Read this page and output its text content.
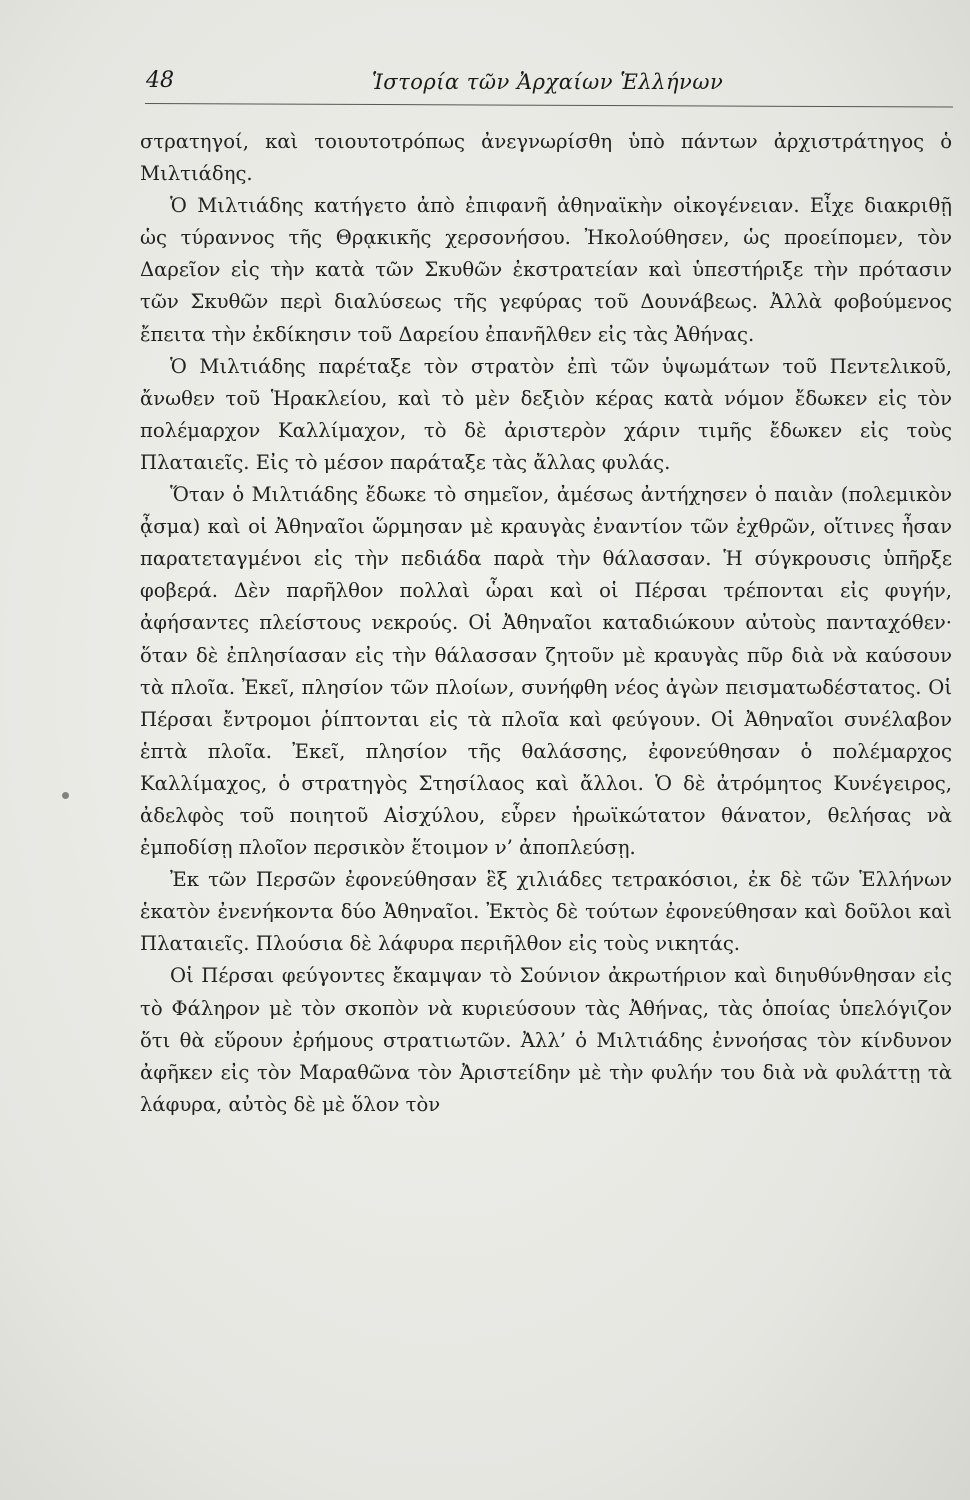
48	Ἱστορία τῶν Ἀρχαίων Ἑλλήνων

στρατηγοί, καὶ τοιουτοτρόπως ἀνεγνωρίσθη ὑπὸ πάντων ἀρχιστράτηγος ὁ Μιλτιάδης.

Ὁ Μιλτιάδης κατήγετο ἀπὸ ἐπιφανῆ ἀθηναϊκὴν οἰκογένειαν. Εἶχε διακριθῇ ὡς τύραννος τῆς Θρᾳκικῆς χερσονήσου. Ἠκολούθησεν, ὡς προείπομεν, τὸν Δαρεῖον εἰς τὴν κατὰ τῶν Σκυθῶν ἐκστρατείαν καὶ ὑπεστήριξε τὴν πρότασιν τῶν Σκυθῶν περὶ διαλύσεως τῆς γεφύρας τοῦ Δουνάβεως. Ἀλλὰ φοβούμενος ἔπειτα τὴν ἐκδίκησιν τοῦ Δαρείου ἐπανῆλθεν εἰς τὰς Ἀθήνας.

Ὁ Μιλτιάδης παρέταξε τὸν στρατὸν ἐπὶ τῶν ὑψωμάτων τοῦ Πεντελικοῦ, ἄνωθεν τοῦ Ἡρακλείου, καὶ τὸ μὲν δεξιὸν κέρας κατὰ νόμον ἔδωκεν εἰς τὸν πολέμαρχον Καλλίμαχον, τὸ δὲ ἀριστερὸν χάριν τιμῆς ἔδωκεν εἰς τοὺς Πλαταιεῖς. Εἰς τὸ μέσον παράταξε τὰς ἄλλας φυλάς.

Ὅταν ὁ Μιλτιάδης ἔδωκε τὸ σημεῖον, ἀμέσως ἀντήχησεν ὁ παιὰν (πολεμικὸν ᾆσμα) καὶ οἱ Ἀθηναῖοι ὥρμησαν μὲ κραυγὰς ἐναντίον τῶν ἐχθρῶν, οἵτινες ἦσαν παρατεταγμένοι εἰς τὴν πεδιάδα παρὰ τὴν θάλασσαν. Ἡ σύγκρουσις ὑπῆρξε φοβερά. Δὲν παρῆλθον πολλαὶ ὧραι καὶ οἱ Πέρσαι τρέπονται εἰς φυγήν, ἀφήσαντες πλείστους νεκρούς. Οἱ Ἀθηναῖοι καταδιώκουν αὐτοὺς πανταχόθεν· ὅταν δὲ ἐπλησίασαν εἰς τὴν θάλασσαν ζητοῦν μὲ κραυγὰς πῦρ διὰ νὰ καύσουν τὰ πλοῖα. Ἐκεῖ, πλησίον τῶν πλοίων, συνήφθη νέος ἀγὼν πεισματωδέστατος. Οἱ Πέρσαι ἔντρομοι ῥίπτονται εἰς τὰ πλοῖα καὶ φεύγουν. Οἱ Ἀθηναῖοι συνέλαβον ἑπτὰ πλοῖα. Ἐκεῖ, πλησίον τῆς θαλάσσης, ἐφονεύθησαν ὁ πολέμαρχος Καλλίμαχος, ὁ στρατηγὸς Στησίλαος καὶ ἄλλοι. Ὁ δὲ ἀτρόμητος Κυνέγειρος, ἀδελφὸς τοῦ ποιητοῦ Αἰσχύλου, εὗρεν ἡρωϊκώτατον θάνατον, θελήσας νὰ ἐμποδίσῃ πλοῖον περσικὸν ἕτοιμον ν’ ἀποπλεύσῃ.

Ἐκ τῶν Περσῶν ἐφονεύθησαν ἓξ χιλιάδες τετρακόσιοι, ἐκ δὲ τῶν Ἑλλήνων ἑκατὸν ἐνενήκοντα δύο Ἀθηναῖοι. Ἐκτὸς δὲ τούτων ἐφονεύθησαν καὶ δοῦλοι καὶ Πλαταιεῖς. Πλούσια δὲ λάφυρα περιῆλθον εἰς τοὺς νικητάς.

Οἱ Πέρσαι φεύγοντες ἔκαμψαν τὸ Σούνιον ἀκρωτήριον καὶ διηυθύνθησαν εἰς τὸ Φάληρον μὲ τὸν σκοπὸν νὰ κυριεύσουν τὰς Ἀθήνας, τὰς ὁποίας ὑπελόγιζον ὅτι θὰ εὕρουν ἐρήμους στρατιωτῶν. Ἀλλ’ ὁ Μιλτιάδης ἐννοήσας τὸν κίνδυνον ἀφῆκεν εἰς τὸν Μαραθῶνα τὸν Ἀριστείδην μὲ τὴν φυλήν του διὰ νὰ φυλάττῃ τὰ λάφυρα, αὐτὸς δὲ μὲ ὅλον τὸν
